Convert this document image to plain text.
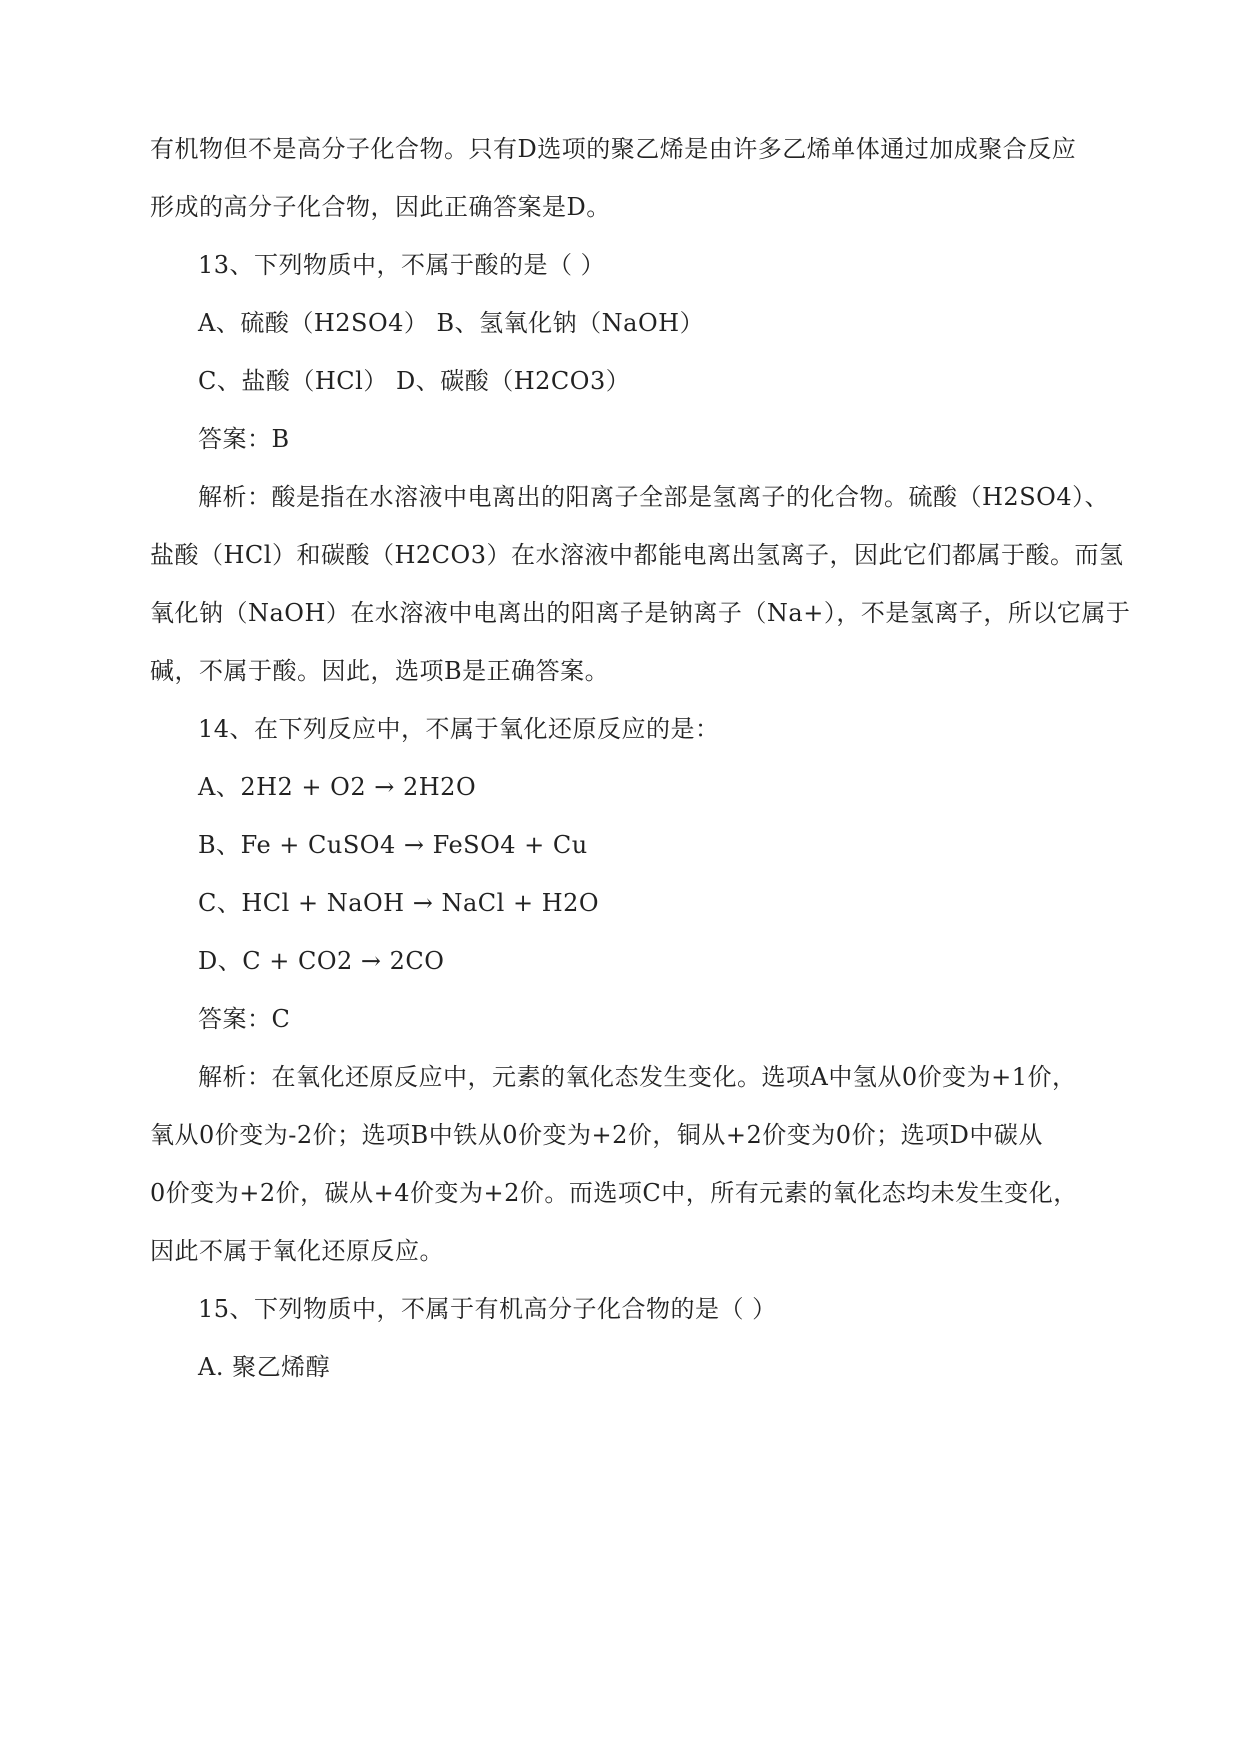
有机物但不是高分子化合物。只有D选项的聚乙烯是由许多乙烯单体通过加成聚合反应
形成的高分子化合物，因此正确答案是D。
13、下列物质中，不属于酸的是（ ）
A、硫酸（H2SO4） B、氢氧化钠（NaOH）
C、盐酸（HCl） D、碳酸（H2CO3）
答案：B
解析：酸是指在水溶液中电离出的阳离子全部是氢离子的化合物。硫酸（H2SO4）、
盐酸（HCl）和碳酸（H2CO3）在水溶液中都能电离出氢离子，因此它们都属于酸。而氢
氧化钠（NaOH）在水溶液中电离出的阳离子是钠离子（Na+），不是氢离子，所以它属于
碱，不属于酸。因此，选项B是正确答案。
14、在下列反应中，不属于氧化还原反应的是：
A、2H2 + O2 → 2H2O
B、Fe + CuSO4 → FeSO4 + Cu
C、HCl + NaOH → NaCl + H2O
D、C + CO2 → 2CO
答案：C
解析：在氧化还原反应中，元素的氧化态发生变化。选项A中氢从0价变为+1价，
氧从0价变为-2价；选项B中铁从0价变为+2价，铜从+2价变为0价；选项D中碳从
0价变为+2价，碳从+4价变为+2价。而选项C中，所有元素的氧化态均未发生变化，
因此不属于氧化还原反应。
15、下列物质中，不属于有机高分子化合物的是（ ）
A. 聚乙烯醇
